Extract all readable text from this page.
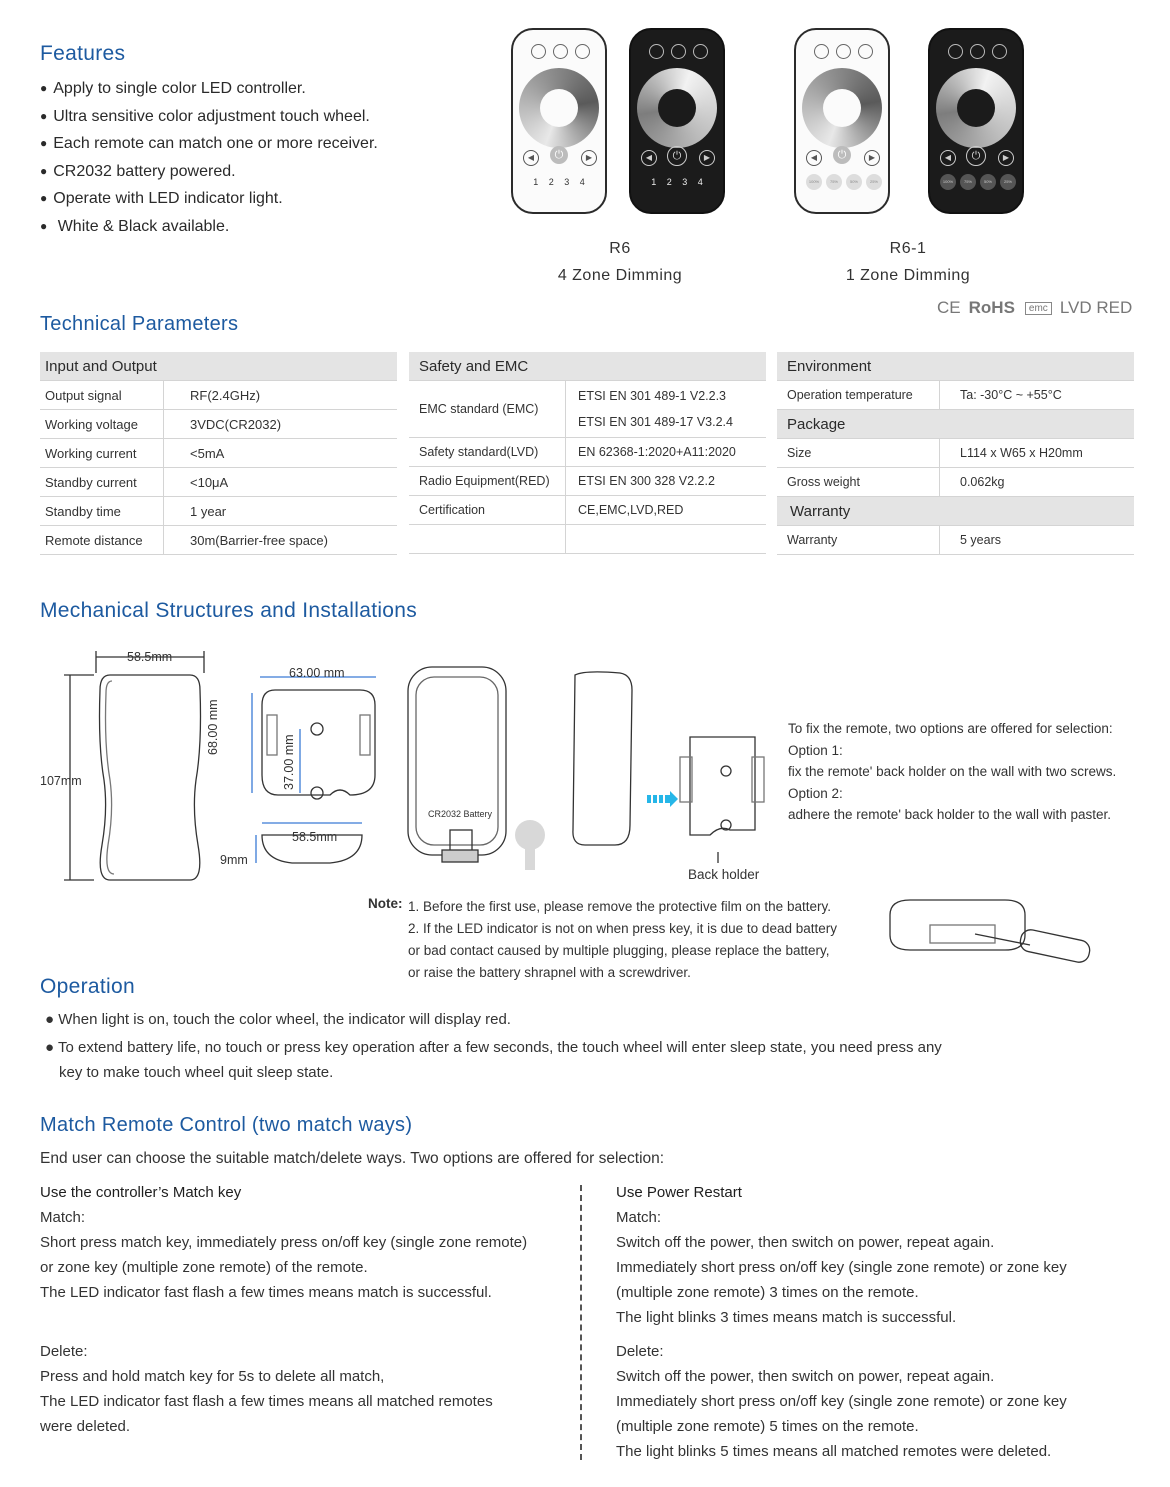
Features
● Apply to single color LED controller.
● Ultra sensitive color adjustment touch wheel.
● Each remote can match one or more receiver.
● CR2032 battery powered.
● Operate with LED indicator light.
● White & Black available.
◀	⏻	▶
1 2 3 4
◀	⏻	▶
1 2 3 4
◀	⏻	▶
100%	75%	50%	25%
◀	⏻	▶
100%	75%	50%	25%
R6
4 Zone Dimming
R6-1
1 Zone Dimming
CE RoHS emc LVD RED
Technical Parameters
Input and Output	
Output signal	RF(2.4GHz)
Working voltage	3VDC(CR2032)
Working current	<5mA
Standby current	<10μA
Standby time	1 year
Remote distance	30m(Barrier-free space)
Safety and EMC	
EMC standard (EMC)	ETSI EN 301 489-1 V2.2.3
ETSI EN 301 489-17 V3.2.4

Safety standard(LVD)	EN 62368-1:2020+A11:2020
Radio Equipment(RED)	ETSI EN 300 328 V2.2.2
Certification	CE,EMC,LVD,RED

Environment	
Operation temperature	Ta: -30°C ~ +55°C
Package	
Size	L114 x W65 x H20mm
Gross weight	0.062kg
Warranty	
Warranty	5 years
Mechanical Structures and Installations
58.5mm
107mm
63.00 mm
68.00 mm
37.00 mm
58.5mm
9mm
CR2032 Battery
Back holder
To fix the remote, two options are offered for selection:
Option 1:
fix the remote' back holder on the wall with two screws.
Option 2:
adhere the remote' back holder to the wall with paster.
Note: 1. Before the first use, please remove the protective film on the battery.
2. If the LED indicator is not on when press key, it is due to dead battery
or bad contact caused by multiple plugging, please replace the battery,
or raise the battery shrapnel with a screwdriver.
Operation
● When light is on, touch the color wheel, the indicator will display red.
● To extend battery life, no touch or press key operation after a few seconds, the touch wheel will enter sleep state, you need press any
key to make touch wheel quit sleep state.
Match Remote Control (two match ways)
End user can choose the suitable match/delete ways. Two options are offered for selection:
Use the controller’s Match key
Match:
Short press match key, immediately press on/off key (single zone remote)
or zone key (multiple zone remote) of the remote.
The LED indicator fast flash a few times means match is successful.
Delete:
Press and hold match key for 5s to delete all match,
The LED indicator fast flash a few times means all matched remotes
were deleted.
Use Power Restart
Match:
Switch off the power, then switch on power, repeat again.
Immediately short press on/off key (single zone remote) or zone key
(multiple zone remote) 3 times on the remote.
The light blinks 3 times means match is successful.
Delete:
Switch off the power, then switch on power, repeat again.
Immediately short press on/off key (single zone remote) or zone key
(multiple zone remote) 5 times on the remote.
The light blinks 5 times means all matched remotes were deleted.
